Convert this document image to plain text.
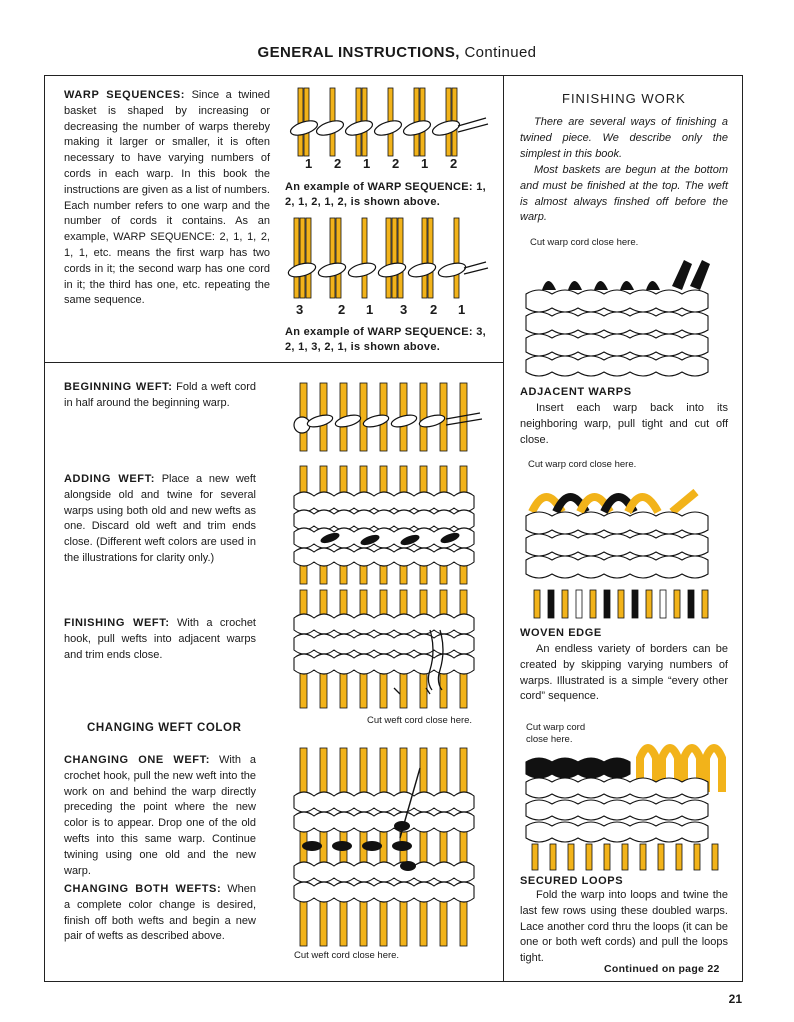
GENERAL INSTRUCTIONS, Continued

WARP SEQUENCES: Since a twined basket is shaped by increasing or decreasing the number of warps thereby making it larger or smaller, it is often necessary to have varying numbers of cords in each warp. In this book the instructions are given as a list of numbers. Each number refers to one warp and the number of cords it contains. As an example, WARP SEQUENCE: 2, 1, 1, 2, 1, 1, etc. means the first warp has two cords in it; the second warp has one cord in it; the third has one, etc. repeating the same sequence.

1 2 1 2 1 2

An example of WARP SEQUENCE: 1, 2, 1, 2, 1, 2, is shown above.

3	2 1 3 2 1

An example of WARP SEQUENCE: 3, 2, 1, 3, 2, 1, is shown above.

BEGINNING WEFT: Fold a weft cord in half around the beginning warp.

ADDING WEFT: Place a new weft alongside old and twine for several warps using both old and new wefts as one. Discard old weft and trim ends close. (Different weft colors are used in the illustrations for clarity only.)

FINISHING WEFT: With a crochet hook, pull wefts into adjacent warps and trim ends close.

CHANGING WEFT COLOR

CHANGING ONE WEFT: With a crochet hook, pull the new weft into the work on and behind the warp directly preceding the point where the new color is to appear. Drop one of the old wefts into this same warp. Continue twining using one old and the new warp.

CHANGING BOTH WEFTS: When a complete color change is desired, finish off both wefts and begin a new pair of wefts as described above.

Cut weft cord close here.

Cut weft cord close here.

FINISHING WORK

There are several ways of finishing a twined piece. We describe only the simplest in this book.

Most baskets are begun at the bottom and must be finished at the top. The weft is almost always finshed off before the warp.

Cut warp cord close here.

ADJACENT WARPS

Insert each warp back into its neighboring warp, pull tight and cut off close.

Cut warp cord close here.

WOVEN EDGE

An endless variety of borders can be created by skipping varying numbers of warps. Illustrated is a simple “every other cord” sequence.

Cut warp cord

close here.

SECURED LOOPS

Fold the warp into loops and twine the last few rows using these doubled warps. Lace another cord thru the loops (it can be one or both weft cords) and pull the loops tight.

Continued on page 22

21
